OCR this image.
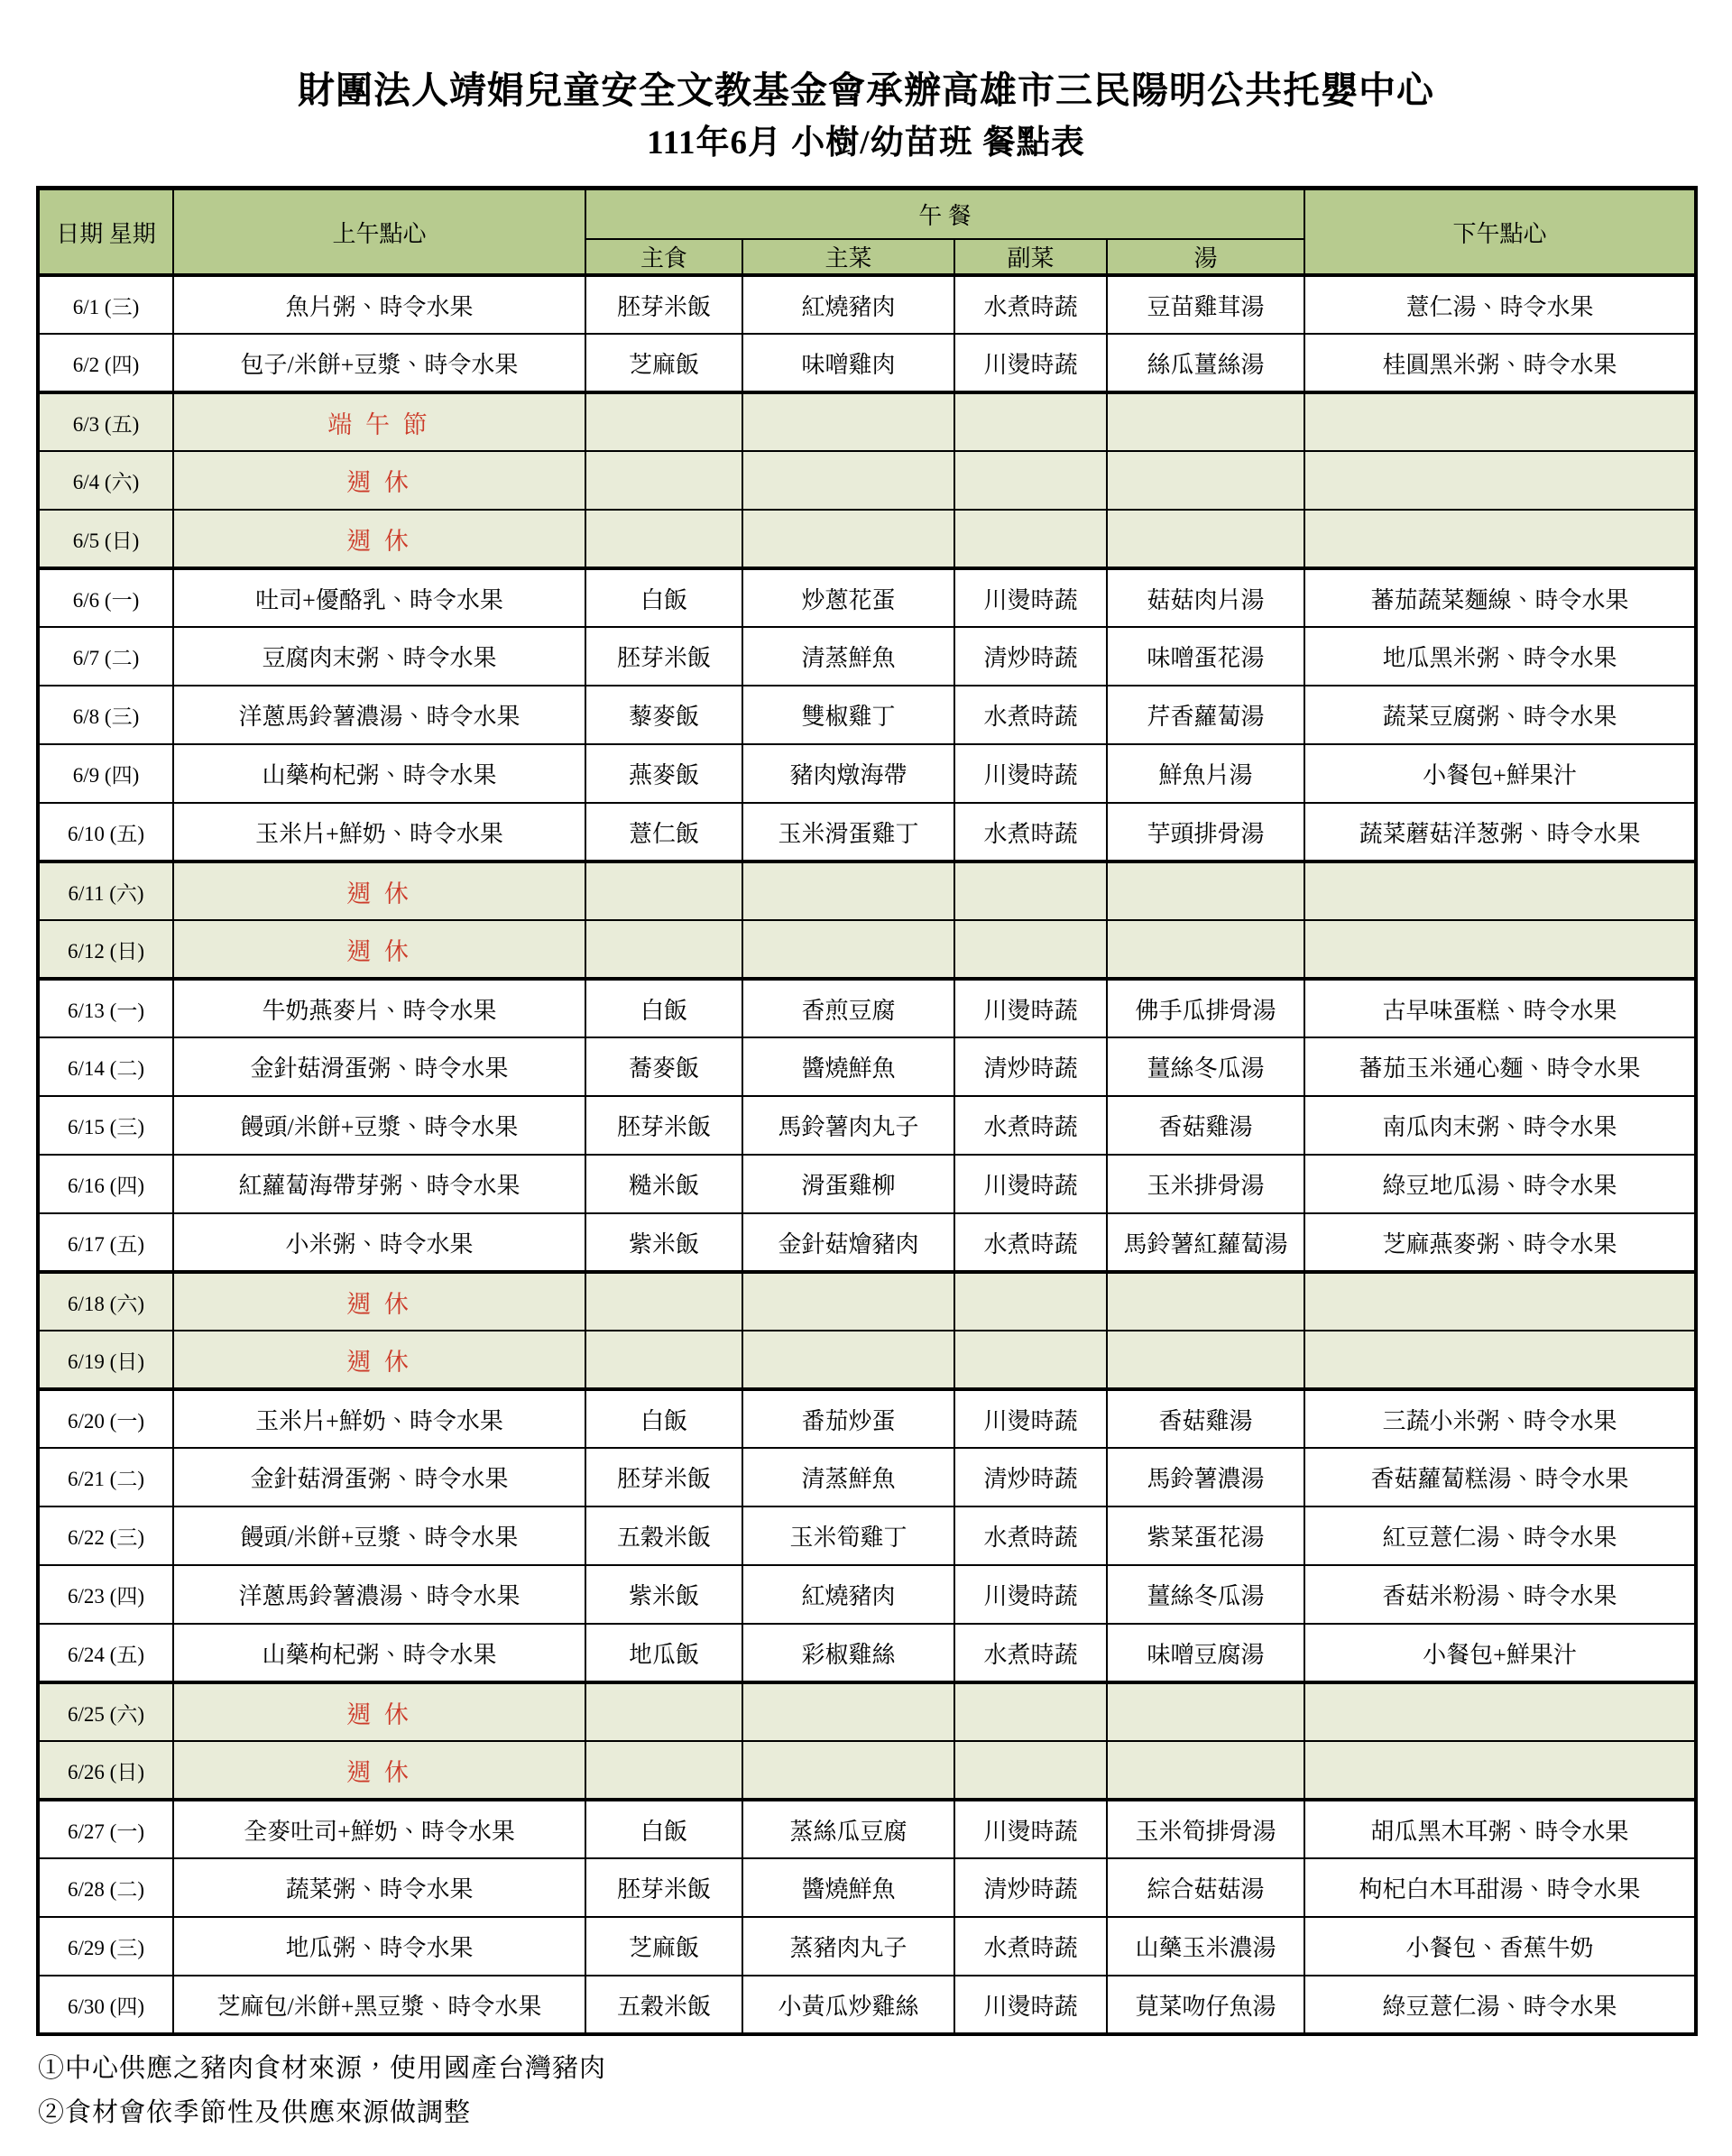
財團法人靖娟兒童安全文教基金會承辦高雄市三民陽明公共托嬰中心
111年6月 小樹/幼苗班 餐點表
日期 星期	上午點心	午 餐				下午點心
		主食	主菜	副菜	湯	
6/1 (三)	魚片粥、時令水果	胚芽米飯	紅燒豬肉	水煮時蔬	豆苗雞茸湯	薏仁湯、時令水果
6/2 (四)	包子/米餅+豆漿、時令水果	芝麻飯	味噌雞肉	川燙時蔬	絲瓜薑絲湯	桂圓黑米粥、時令水果
6/3 (五)	端 午 節					
6/4 (六)	週 休					
6/5 (日)	週 休					
6/6 (一)	吐司+優酪乳、時令水果	白飯	炒蔥花蛋	川燙時蔬	菇菇肉片湯	蕃茄蔬菜麵線、時令水果
6/7 (二)	豆腐肉末粥、時令水果	胚芽米飯	清蒸鮮魚	清炒時蔬	味噌蛋花湯	地瓜黑米粥、時令水果
6/8 (三)	洋蔥馬鈴薯濃湯、時令水果	藜麥飯	雙椒雞丁	水煮時蔬	芹香蘿蔔湯	蔬菜豆腐粥、時令水果
6/9 (四)	山藥枸杞粥、時令水果	燕麥飯	豬肉燉海帶	川燙時蔬	鮮魚片湯	小餐包+鮮果汁
6/10 (五)	玉米片+鮮奶、時令水果	薏仁飯	玉米滑蛋雞丁	水煮時蔬	芋頭排骨湯	蔬菜蘑菇洋葱粥、時令水果
6/11 (六)	週 休					
6/12 (日)	週 休					
6/13 (一)	牛奶燕麥片、時令水果	白飯	香煎豆腐	川燙時蔬	佛手瓜排骨湯	古早味蛋糕、時令水果
6/14 (二)	金針菇滑蛋粥、時令水果	蕎麥飯	醬燒鮮魚	清炒時蔬	薑絲冬瓜湯	蕃茄玉米通心麵、時令水果
6/15 (三)	饅頭/米餅+豆漿、時令水果	胚芽米飯	馬鈴薯肉丸子	水煮時蔬	香菇雞湯	南瓜肉末粥、時令水果
6/16 (四)	紅蘿蔔海帶芽粥、時令水果	糙米飯	滑蛋雞柳	川燙時蔬	玉米排骨湯	綠豆地瓜湯、時令水果
6/17 (五)	小米粥、時令水果	紫米飯	金針菇燴豬肉	水煮時蔬	馬鈴薯紅蘿蔔湯	芝麻燕麥粥、時令水果
6/18 (六)	週 休					
6/19 (日)	週 休					
6/20 (一)	玉米片+鮮奶、時令水果	白飯	番茄炒蛋	川燙時蔬	香菇雞湯	三蔬小米粥、時令水果
6/21 (二)	金針菇滑蛋粥、時令水果	胚芽米飯	清蒸鮮魚	清炒時蔬	馬鈴薯濃湯	香菇蘿蔔糕湯、時令水果
6/22 (三)	饅頭/米餅+豆漿、時令水果	五穀米飯	玉米筍雞丁	水煮時蔬	紫菜蛋花湯	紅豆薏仁湯、時令水果
6/23 (四)	洋蔥馬鈴薯濃湯、時令水果	紫米飯	紅燒豬肉	川燙時蔬	薑絲冬瓜湯	香菇米粉湯、時令水果
6/24 (五)	山藥枸杞粥、時令水果	地瓜飯	彩椒雞絲	水煮時蔬	味噌豆腐湯	小餐包+鮮果汁
6/25 (六)	週 休					
6/26 (日)	週 休					
6/27 (一)	全麥吐司+鮮奶、時令水果	白飯	蒸絲瓜豆腐	川燙時蔬	玉米筍排骨湯	胡瓜黑木耳粥、時令水果
6/28 (二)	蔬菜粥、時令水果	胚芽米飯	醬燒鮮魚	清炒時蔬	綜合菇菇湯	枸杞白木耳甜湯、時令水果
6/29 (三)	地瓜粥、時令水果	芝麻飯	蒸豬肉丸子	水煮時蔬	山藥玉米濃湯	小餐包、香蕉牛奶
6/30 (四)	芝麻包/米餅+黑豆漿、時令水果	五穀米飯	小黃瓜炒雞絲	川燙時蔬	莧菜吻仔魚湯	綠豆薏仁湯、時令水果
①中心供應之豬肉食材來源，使用國產台灣豬肉
②食材會依季節性及供應來源做調整
